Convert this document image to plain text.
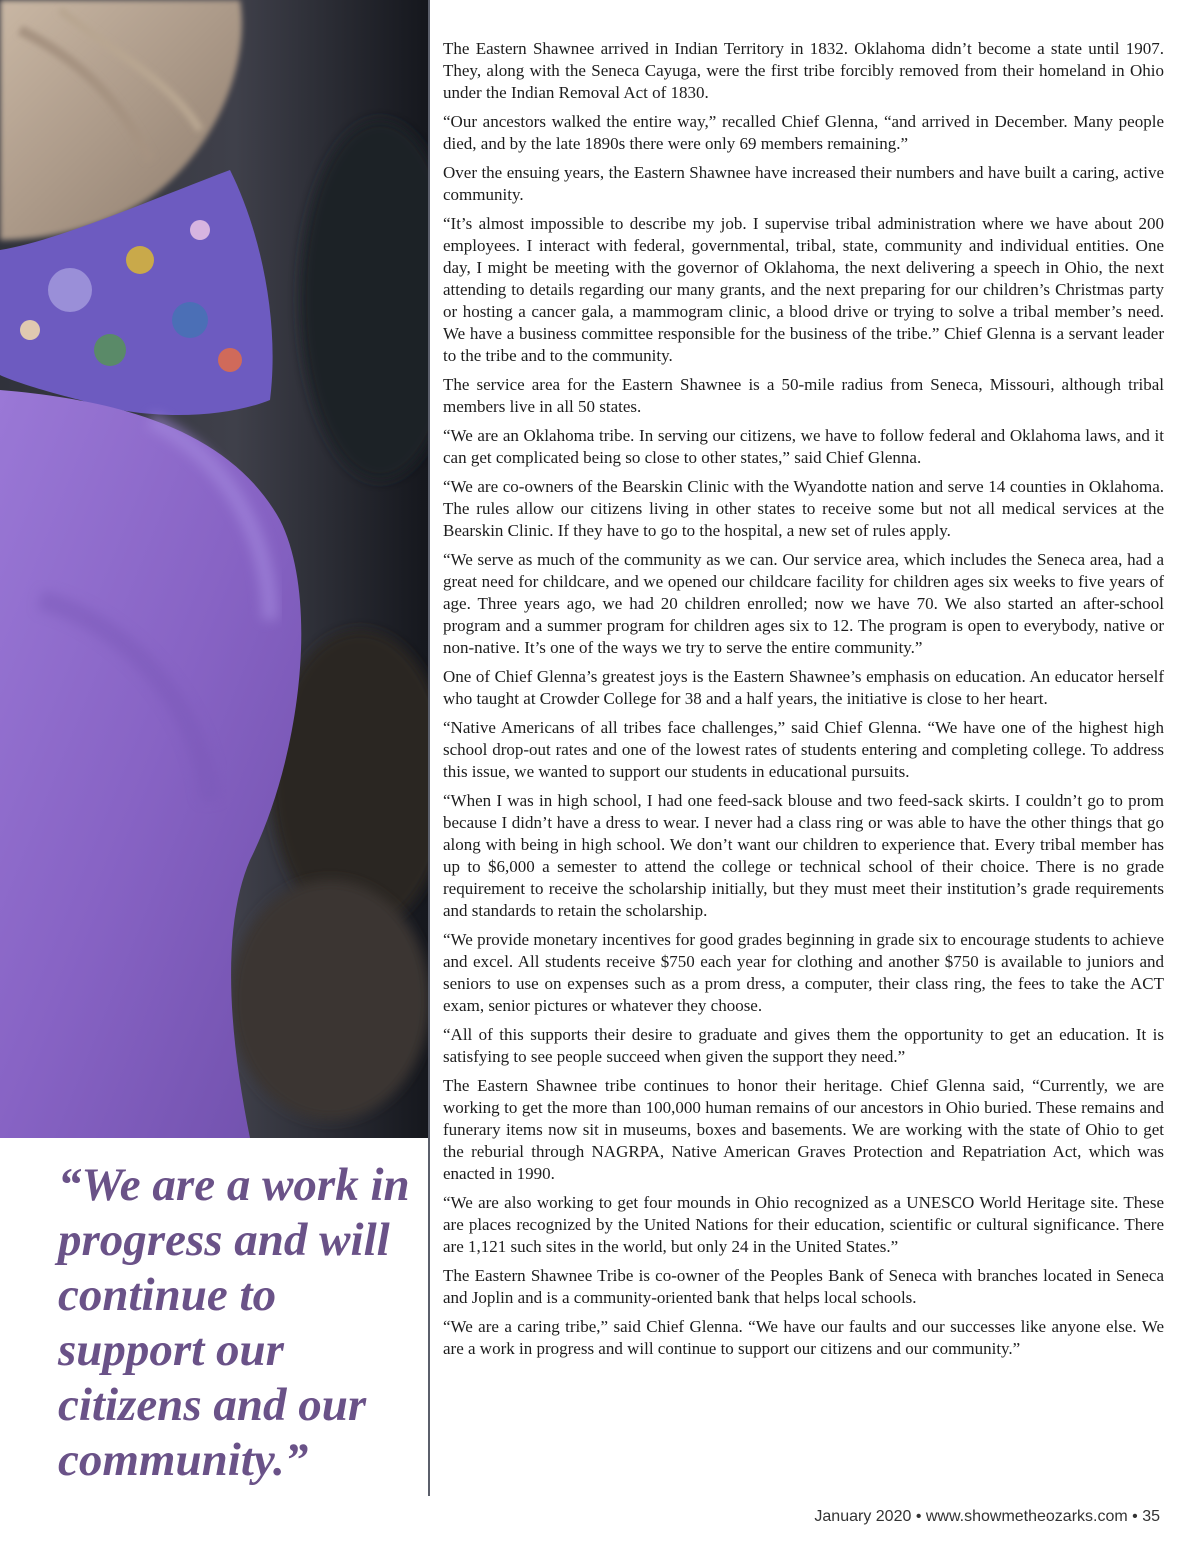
“We are a work in progress and will continue to support our citizens and our community.”

The Eastern Shawnee arrived in Indian Territory in 1832. Oklahoma didn’t become a state until 1907. They, along with the Seneca Cayuga, were the first tribe forcibly removed from their homeland in Ohio under the Indian Removal Act of 1830.

“Our ancestors walked the entire way,” recalled Chief Glenna, “and arrived in December. Many people died, and by the late 1890s there were only 69 members remaining.”

Over the ensuing years, the Eastern Shawnee have increased their numbers and have built a caring, active community.

“It’s almost impossible to describe my job. I supervise tribal administration where we have about 200 employees. I interact with federal, governmental, tribal, state, community and individual entities. One day, I might be meeting with the governor of Oklahoma, the next delivering a speech in Ohio, the next attending to details regarding our many grants, and the next preparing for our children’s Christmas party or hosting a cancer gala, a mammogram clinic, a blood drive or trying to solve a tribal member’s need. We have a business committee responsible for the business of the tribe.” Chief Glenna is a servant leader to the tribe and to the community.

The service area for the Eastern Shawnee is a 50-mile radius from Seneca, Missouri, although tribal members live in all 50 states.

“We are an Oklahoma tribe. In serving our citizens, we have to follow federal and Oklahoma laws, and it can get complicated being so close to other states,” said Chief Glenna.

“We are co-owners of the Bearskin Clinic with the Wyandotte nation and serve 14 counties in Oklahoma. The rules allow our citizens living in other states to receive some but not all medical services at the Bearskin Clinic. If they have to go to the hospital, a new set of rules apply.

“We serve as much of the community as we can. Our service area, which includes the Seneca area, had a great need for childcare, and we opened our childcare facility for children ages six weeks to five years of age. Three years ago, we had 20 children enrolled; now we have 70. We also started an after-school program and a summer program for children ages six to 12. The program is open to everybody, native or non-native. It’s one of the ways we try to serve the entire community.”

One of Chief Glenna’s greatest joys is the Eastern Shawnee’s emphasis on education. An educator herself who taught at Crowder College for 38 and a half years, the initiative is close to her heart.

“Native Americans of all tribes face challenges,” said Chief Glenna. “We have one of the highest high school drop-out rates and one of the lowest rates of students entering and completing college. To address this issue, we wanted to support our students in educational pursuits.

“When I was in high school, I had one feed-sack blouse and two feed-sack skirts. I couldn’t go to prom because I didn’t have a dress to wear. I never had a class ring or was able to have the other things that go along with being in high school. We don’t want our children to experience that. Every tribal member has up to $6,000 a semester to attend the college or technical school of their choice. There is no grade requirement to receive the scholarship initially, but they must meet their institution’s grade requirements and standards to retain the scholarship.

“We provide monetary incentives for good grades beginning in grade six to encourage students to achieve and excel. All students receive $750 each year for clothing and another $750 is available to juniors and seniors to use on expenses such as a prom dress, a computer, their class ring, the fees to take the ACT exam, senior pictures or whatever they choose.

“All of this supports their desire to graduate and gives them the opportunity to get an education. It is satisfying to see people succeed when given the support they need.”

The Eastern Shawnee tribe continues to honor their heritage. Chief Glenna said, “Currently, we are working to get the more than 100,000 human remains of our ancestors in Ohio buried. These remains and funerary items now sit in museums, boxes and basements. We are working with the state of Ohio to get the reburial through NAGRPA, Native American Graves Protection and Repatriation Act, which was enacted in 1990.

“We are also working to get four mounds in Ohio recognized as a UNESCO World Heritage site. These are places recognized by the United Nations for their education, scientific or cultural significance. There are 1,121 such sites in the world, but only 24 in the United States.”

The Eastern Shawnee Tribe is co-owner of the Peoples Bank of Seneca with branches located in Seneca and Joplin and is a community-oriented bank that helps local schools.

“We are a caring tribe,” said Chief Glenna. “We have our faults and our successes like anyone else. We are a work in progress and will continue to support our citizens and our community.”

January 2020 • www.showmetheozarks.com • 35
